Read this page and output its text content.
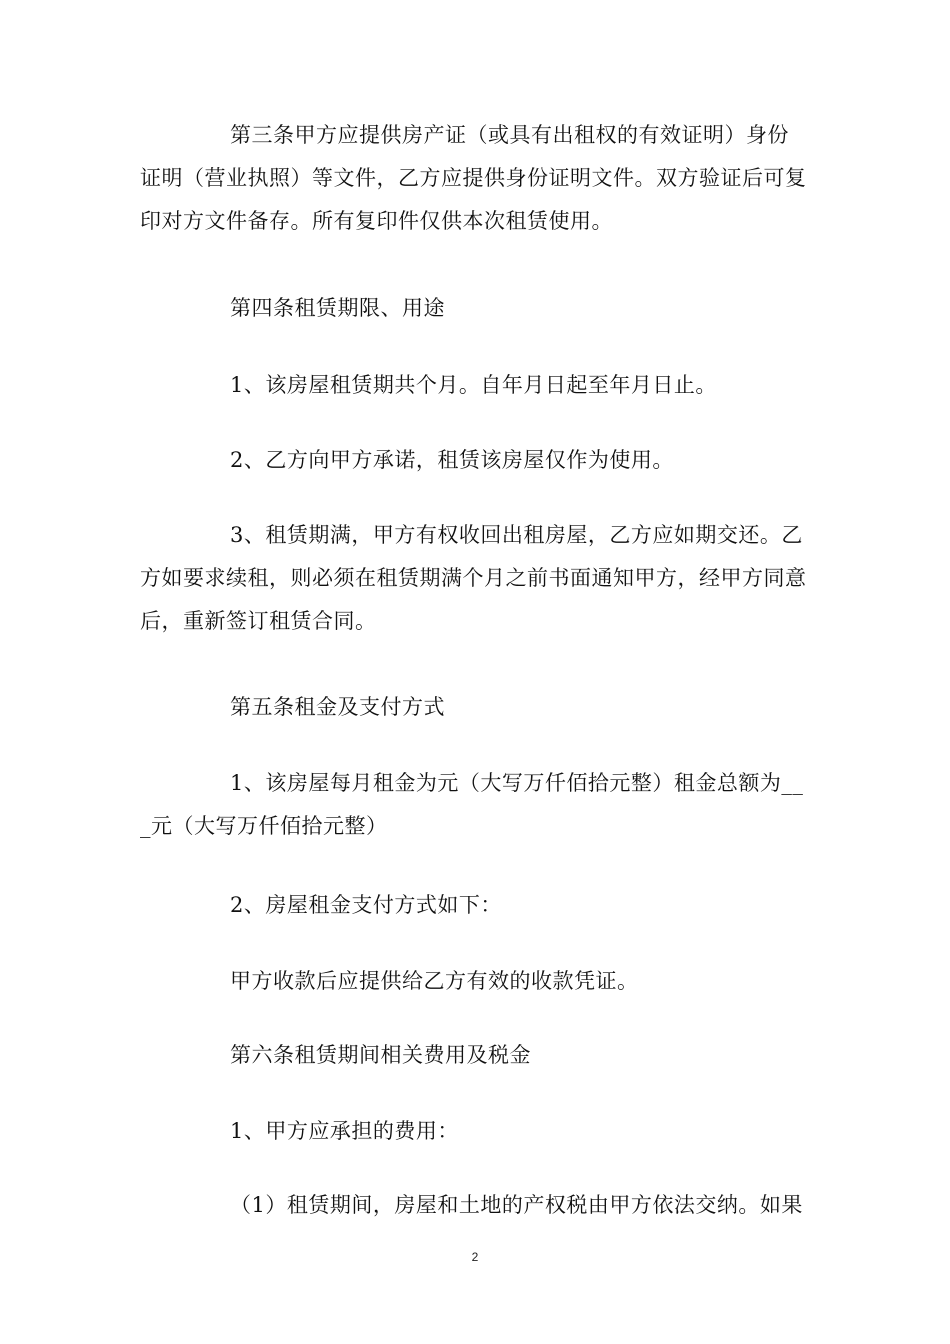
第三条甲方应提供房产证（或具有出租权的有效证明）身份证明（营业执照）等文件，乙方应提供身份证明文件。双方验证后可复印对方文件备存。所有复印件仅供本次租赁使用。
第四条租赁期限、用途
1、该房屋租赁期共个月。自年月日起至年月日止。
2、乙方向甲方承诺，租赁该房屋仅作为使用。
3、租赁期满，甲方有权收回出租房屋，乙方应如期交还。乙方如要求续租，则必须在租赁期满个月之前书面通知甲方，经甲方同意后，重新签订租赁合同。
第五条租金及支付方式
1、该房屋每月租金为元（大写万仟佰拾元整）租金总额为___元（大写万仟佰拾元整）
2、房屋租金支付方式如下：
甲方收款后应提供给乙方有效的收款凭证。
第六条租赁期间相关费用及税金
1、甲方应承担的费用：
（1）租赁期间，房屋和土地的产权税由甲方依法交纳。如果
2
